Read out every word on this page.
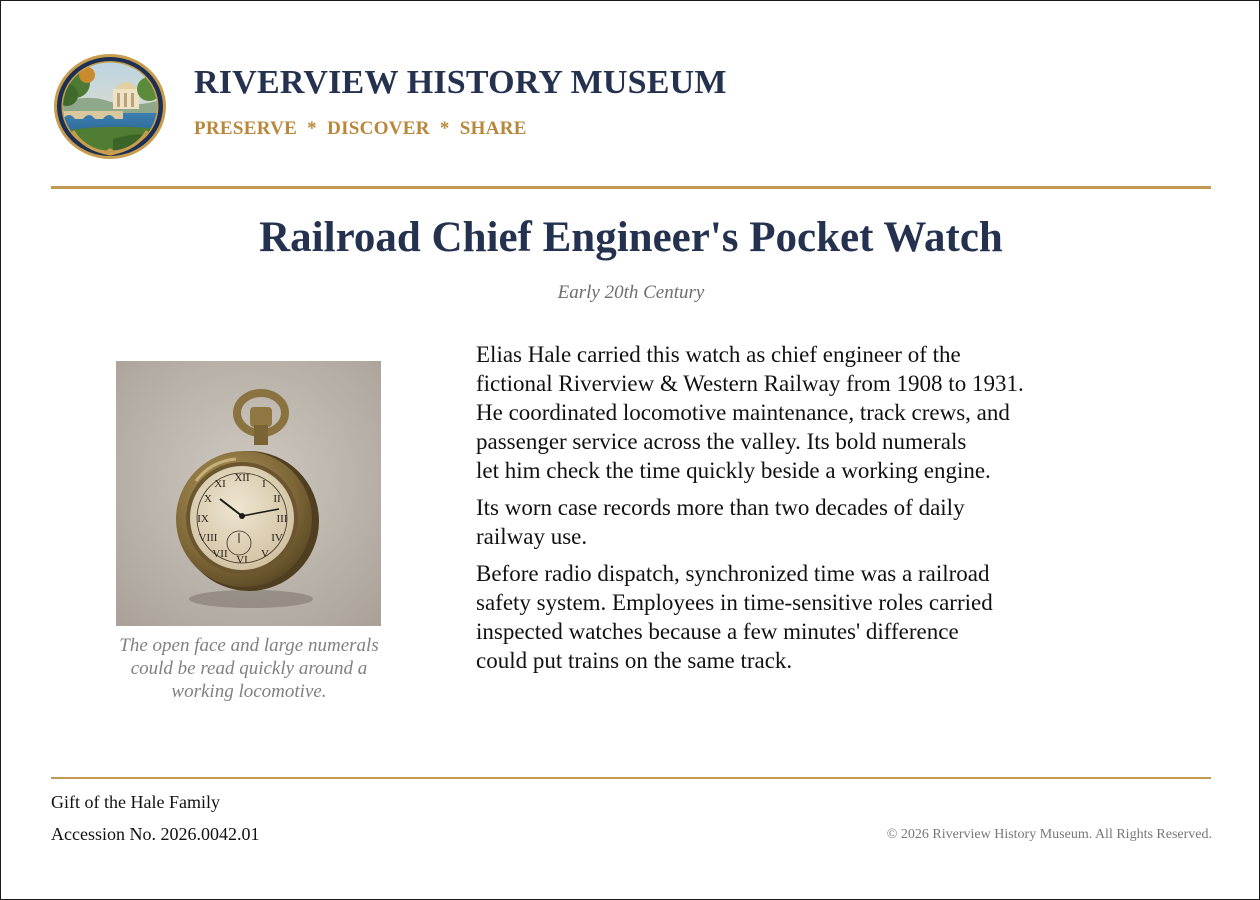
RIVERVIEW HISTORY MUSEUM
PRESERVE  *  DISCOVER  *  SHARE
Railroad Chief Engineer's Pocket Watch
Early 20th Century
XII I
II
III
IV
V
VI
VII
VIII
IX
X
XI
The open face and large numerals could be read quickly around a working locomotive.

Elias Hale carried this watch as chief engineer of the
fictional Riverview & Western Railway from 1908 to 1931.
He coordinated locomotive maintenance, track crews, and
passenger service across the valley. Its bold numerals
let him check the time quickly beside a working engine.

Its worn case records more than two decades of daily
railway use.

Before radio dispatch, synchronized time was a railroad
safety system. Employees in time-sensitive roles carried
inspected watches because a few minutes' difference
could put trains on the same track.

Gift of the Hale Family
Accession No. 2026.0042.01	© 2026 Riverview History Museum. All Rights Reserved.
